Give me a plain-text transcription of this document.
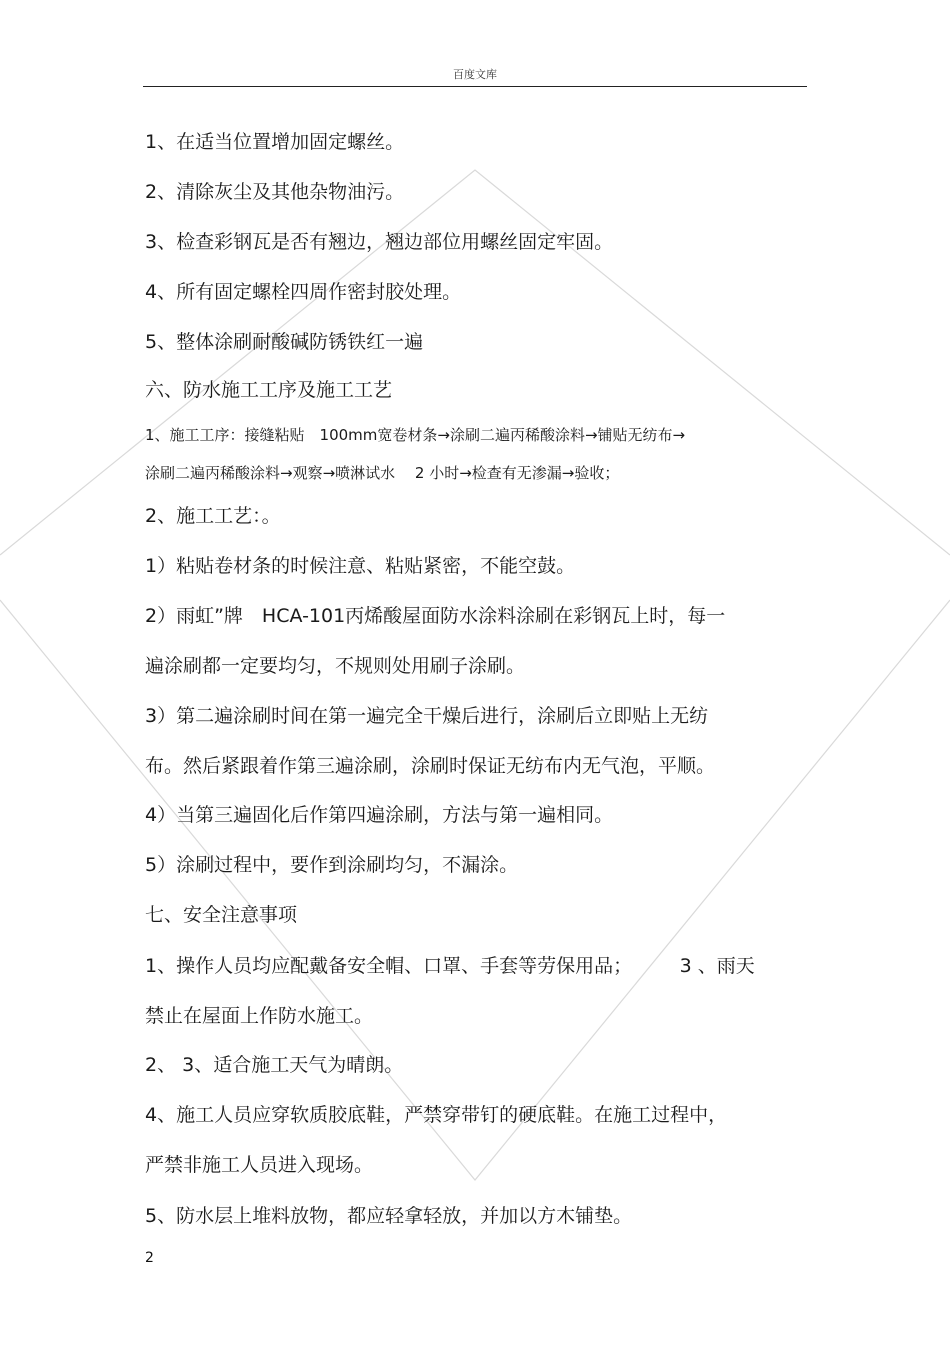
百度文库
1、在适当位置增加固定螺丝。
2、清除灰尘及其他杂物油污。
3、检查彩钢瓦是否有翘边，翘边部位用螺丝固定牢固。
4、所有固定螺栓四周作密封胶处理。
5、整体涂刷耐酸碱防锈铁红一遍
六、防水施工工序及施工工艺
1、施工工序：接缝粘贴　100mm宽卷材条→涂刷二遍丙稀酸涂料→铺贴无纺布→
涂刷二遍丙稀酸涂料→观察→喷淋试水　 2 小时→检查有无渗漏→验收；
2、施工工艺：。
1）粘贴卷材条的时候注意、粘贴紧密，不能空鼓。
2）雨虹”牌　HCA-101丙烯酸屋面防水涂料涂刷在彩钢瓦上时，每一
遍涂刷都一定要均匀，不规则处用刷子涂刷。
3）第二遍涂刷时间在第一遍完全干燥后进行，涂刷后立即贴上无纺
布。然后紧跟着作第三遍涂刷，涂刷时保证无纺布内无气泡，平顺。
4）当第三遍固化后作第四遍涂刷，方法与第一遍相同。
5）涂刷过程中，要作到涂刷均匀，不漏涂。
七、安全注意事项
1、操作人员均应配戴备安全帽、口罩、手套等劳保用品；　　　3 、雨天
禁止在屋面上作防水施工。
2、 3、适合施工天气为晴朗。
4、施工人员应穿软质胶底鞋，严禁穿带钉的硬底鞋。在施工过程中，
严禁非施工人员进入现场。
5、防水层上堆料放物，都应轻拿轻放，并加以方木铺垫。
2
